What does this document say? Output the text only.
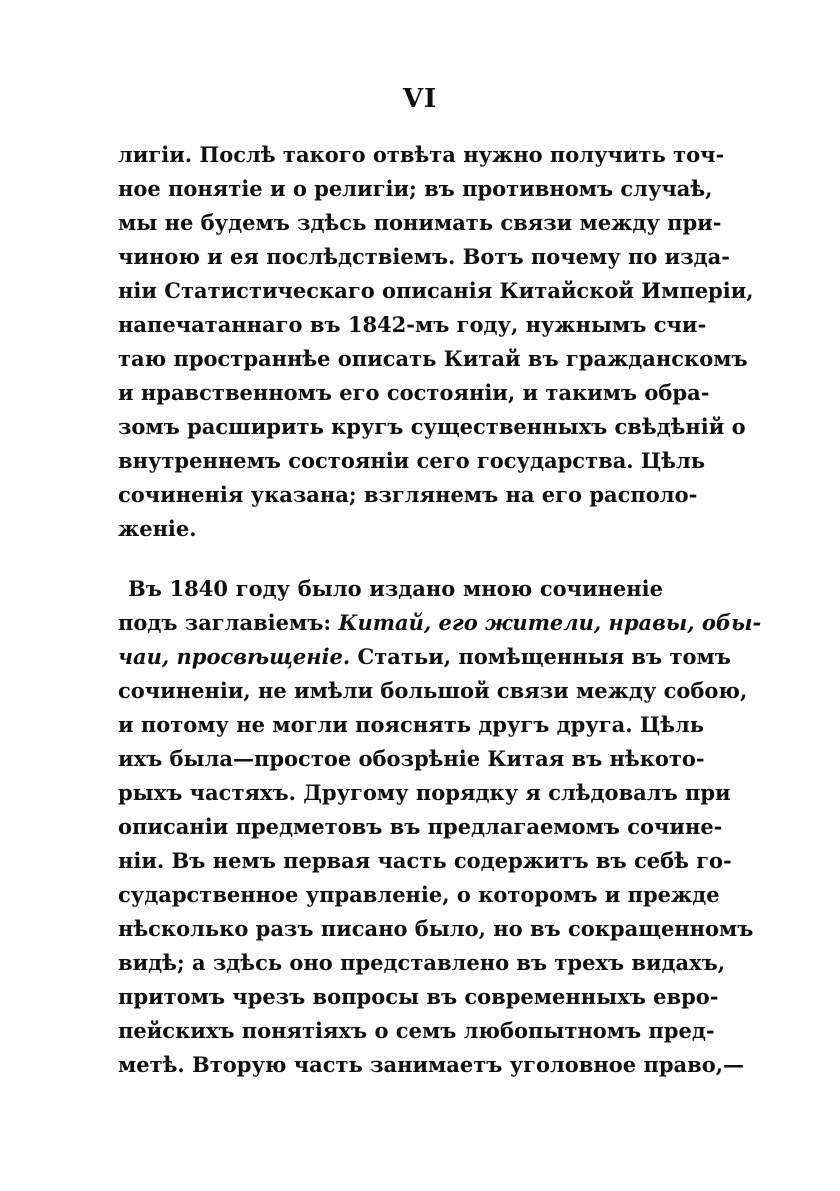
VI
лигіи. Послѣ такого отвѣта нужно получить точ-
ное понятіе и о религіи; въ противномъ случаѣ,
мы не будемъ здѣсь понимать связи между при-
чиною и ея послѣдствіемъ. Вотъ почему по изда-
ніи Статистическаго описанія Китайской Имперіи,
напечатаннаго въ 1842-мъ году, нужнымъ счи-
таю пространнѣе описать Китай въ гражданскомъ
и нравственномъ его состояніи, и такимъ обра-
зомъ расширить кругъ существенныхъ свѣдѣній о
внутреннемъ состояніи сего государства. Цѣль
сочиненія указана; взглянемъ на его располо-
женіе.
Въ 1840 году было издано мною сочиненіе
подъ заглавіемъ: Китай, его жители, нравы, обы-
чаи, просвѣщеніе. Статьи, помѣщенныя въ томъ
сочиненіи, не имѣли большой связи между собою,
и потому не могли пояснять другъ друга. Цѣль
ихъ была—простое обозрѣніе Китая въ нѣкото-
рыхъ частяхъ. Другому порядку я слѣдовалъ при
описаніи предметовъ въ предлагаемомъ сочине-
ніи. Въ немъ первая часть содержитъ въ себѣ го-
сударственное управленіе, о которомъ и прежде
нѣсколько разъ писано было, но въ сокращенномъ
видѣ; а здѣсь оно представлено въ трехъ видахъ,
притомъ чрезъ вопросы въ современныхъ евро-
пейскихъ понятіяхъ о семъ любопытномъ пред-
метѣ. Вторую часть занимаетъ уголовное право,—
